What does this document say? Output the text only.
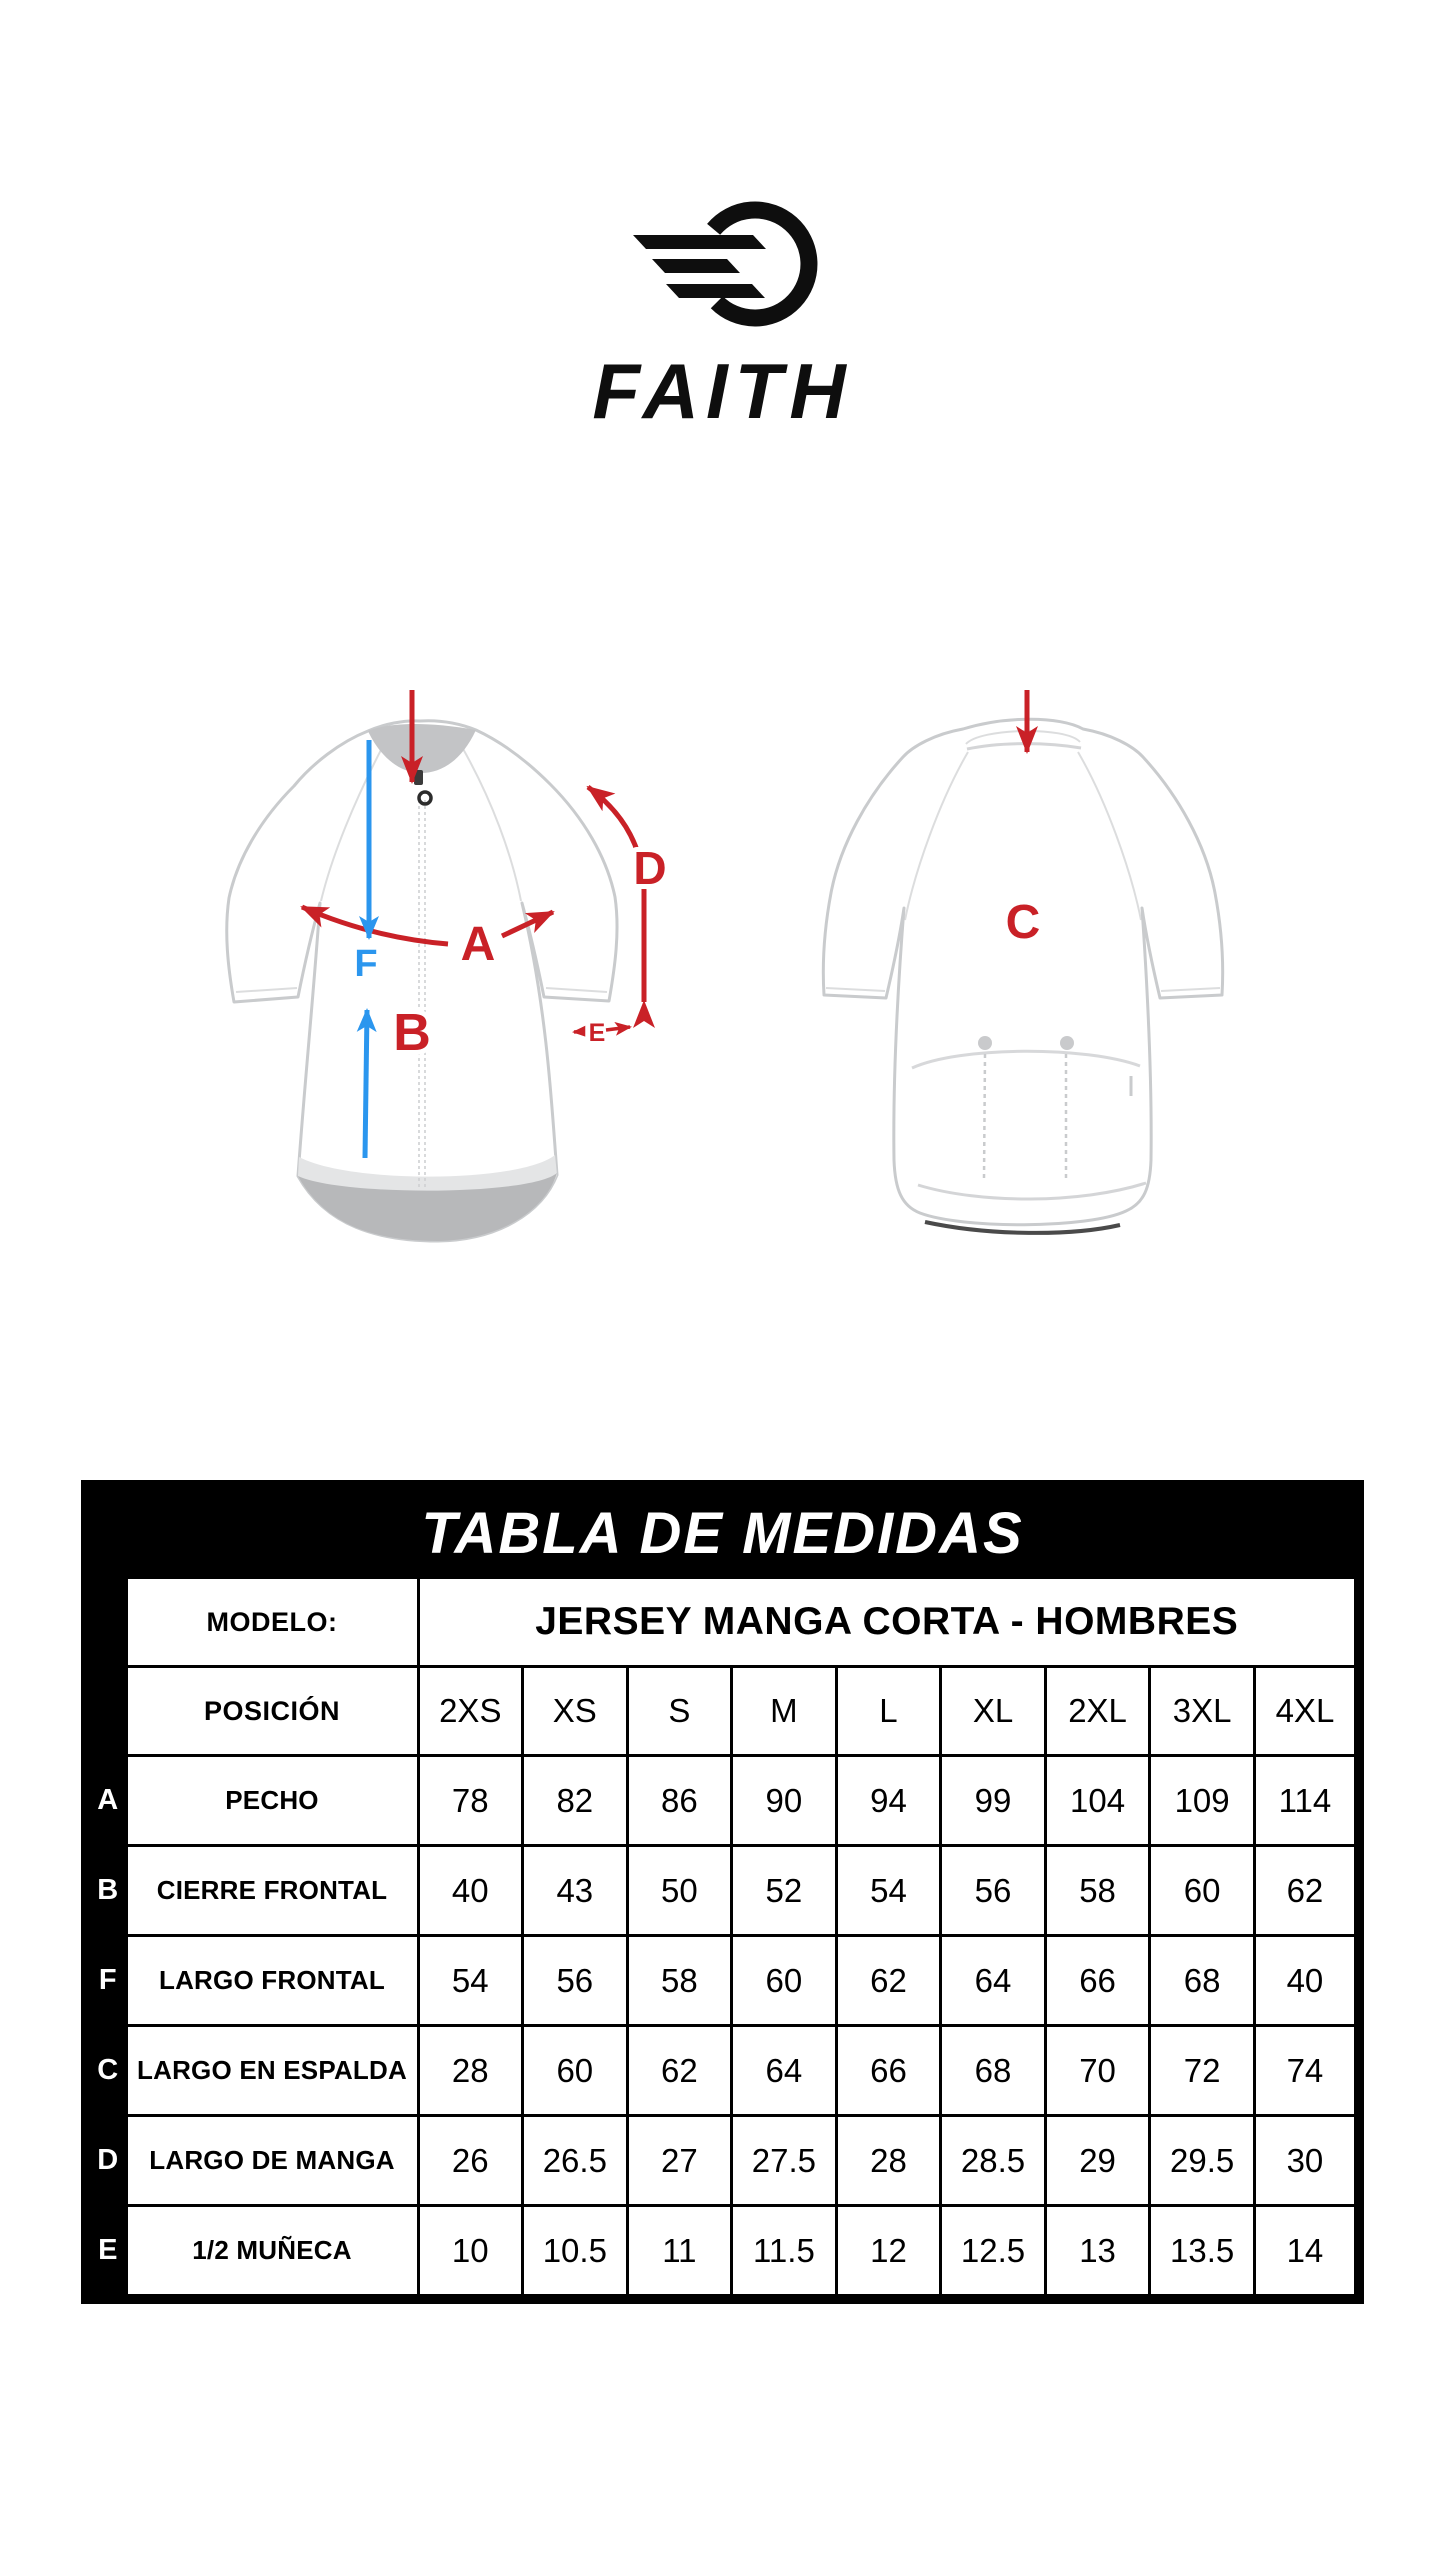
FAITH
B
A
F
D
E
C
TABLA DE MEDIDAS										
	MODELO:	JERSEY MANGA CORTA - HOMBRES								
	POSICIÓN	2XS	XS	S	M	L	XL	2XL	3XL	4XL
A	PECHO	78	82	86	90	94	99	104	109	114
B	CIERRE FRONTAL	40	43	50	52	54	56	58	60	62
F	LARGO FRONTAL	54	56	58	60	62	64	66	68	40
C	LARGO EN ESPALDA	28	60	62	64	66	68	70	72	74
D	LARGO DE MANGA	26	26.5	27	27.5	28	28.5	29	29.5	30
E	1/2 MUÑECA	10	10.5	11	11.5	12	12.5	13	13.5	14
